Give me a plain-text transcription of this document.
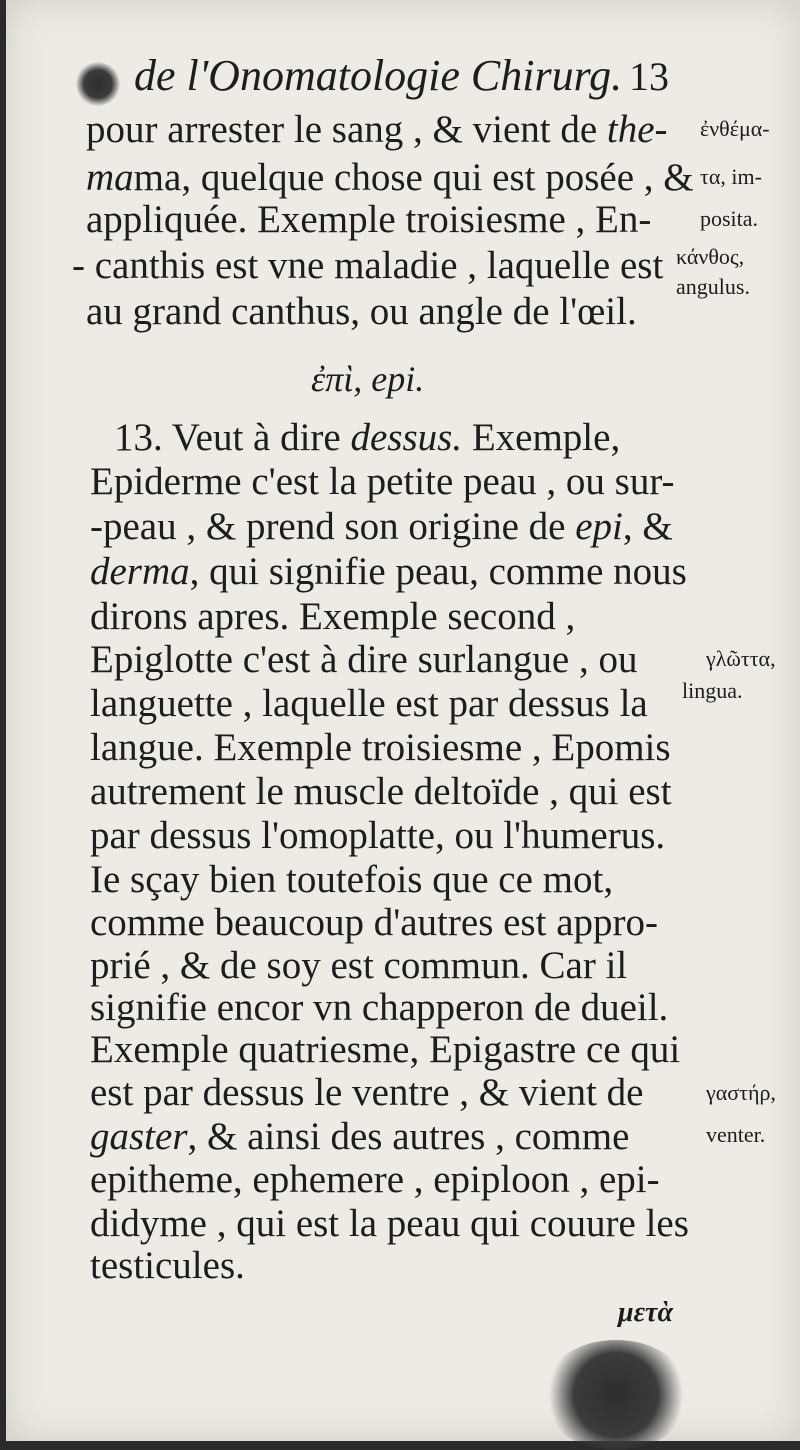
de l'Onomatologie Chirurg. 13
pour arrester le sang , & vient de the-
mama, quelque chose qui est posée , &
appliquée. Exemple troisiesme , En-
- canthis est vne maladie , laquelle est
au grand canthus, ou angle de l'œil.
ἐνθέμα-
τα, im-
posita.
κάνθος,
angulus.
ἐπὶ, epi.
13. Veut à dire dessus. Exemple,
Epiderme c'est la petite peau , ou sur-
-peau , & prend son origine de epi, &
derma, qui signifie peau, comme nous
dirons apres. Exemple second ,
Epiglotte c'est à dire surlangue , ou
languette , laquelle est par dessus la
langue. Exemple troisiesme , Epomis
autrement le muscle deltoïde , qui est
par dessus l'omoplatte, ou l'humerus.
Ie sçay bien toutefois que ce mot,
comme beaucoup d'autres est appro-
prié , & de soy est commun. Car il
signifie encor vn chapperon de dueil.
Exemple quatriesme, Epigastre ce qui
est par dessus le ventre , & vient de
gaster, & ainsi des autres , comme
epitheme, ephemere , epiploon , epi-
didyme , qui est la peau qui couure les
testicules.
γλῶττα,
lingua.
γαστήρ,
venter.
μετὰ
